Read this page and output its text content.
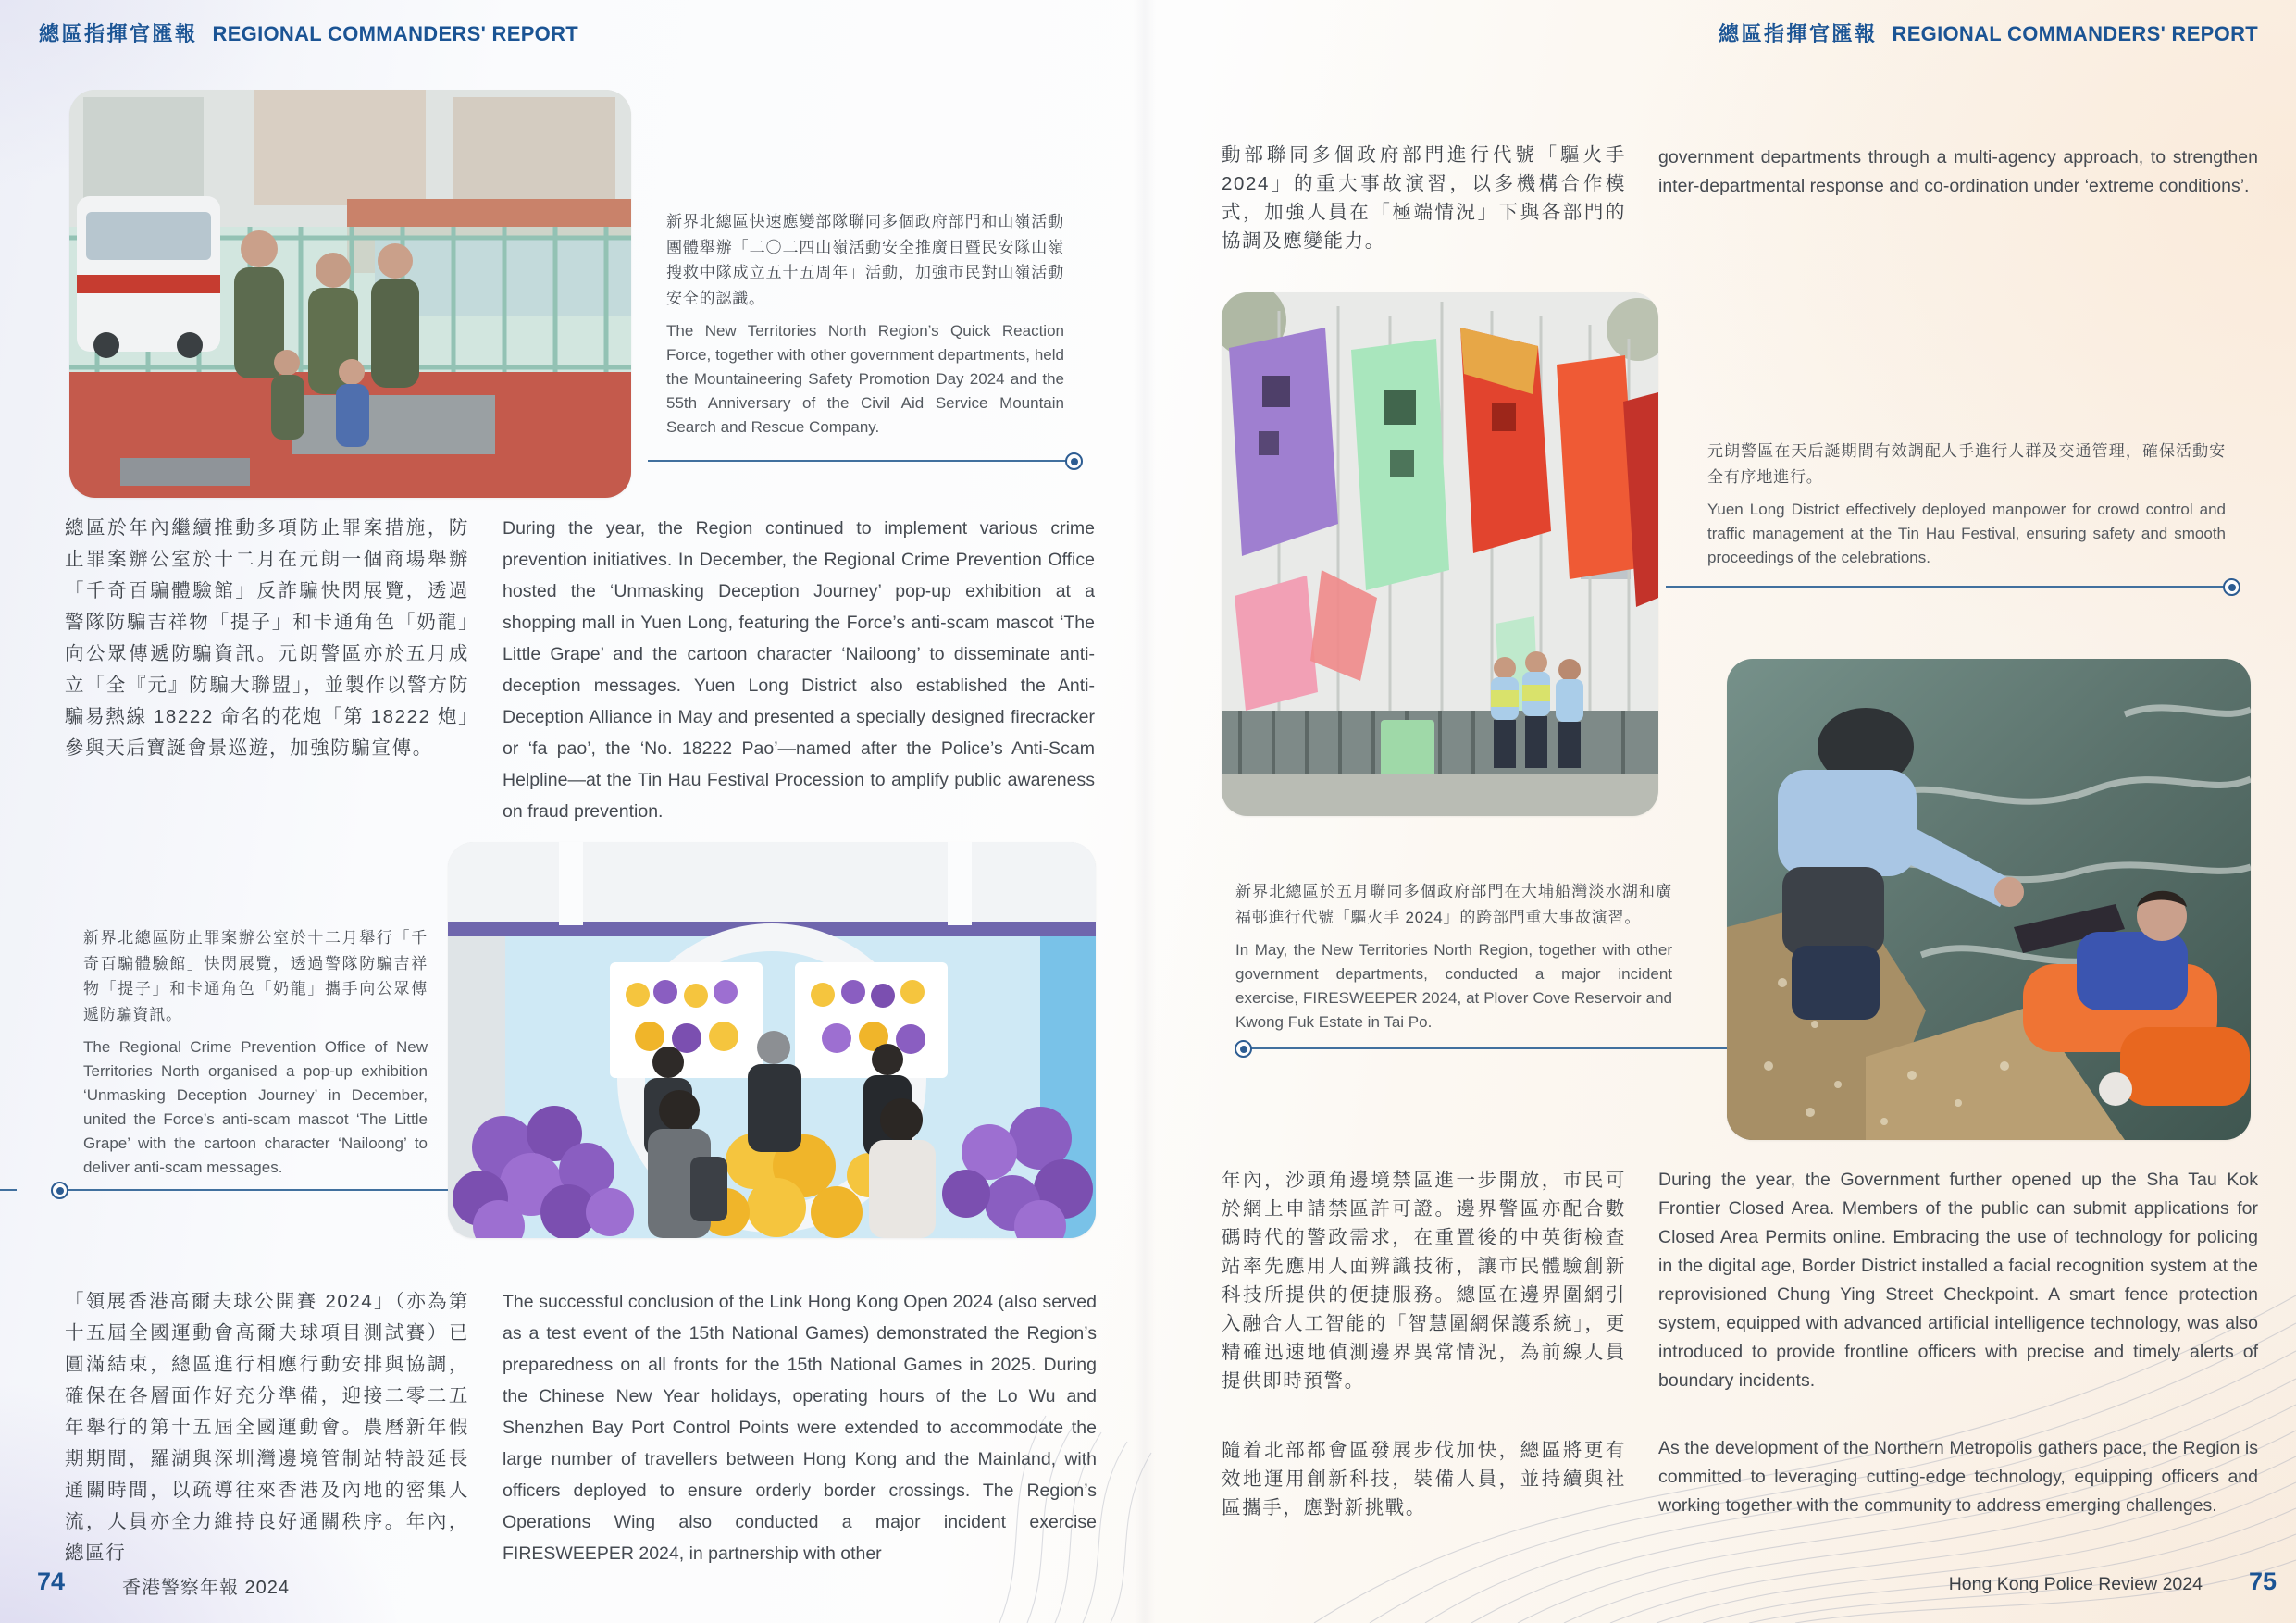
總區指揮官匯報 REGIONAL COMMANDERS' REPORT	總區指揮官匯報 REGIONAL COMMANDERS' REPORT
新界北總區快速應變部隊聯同多個政府部門和山嶺活動團體舉辦「二〇二四山嶺活動安全推廣日暨民安隊山嶺搜救中隊成立五十五周年」活動，加強市民對山嶺活動安全的認識。
The New Territories North Region’s Quick Reaction Force, together with other government departments, held the Mountaineering Safety Promotion Day 2024 and the 55th Anniversary of the Civil Aid Service Mountain Search and Rescue Company.
總區於年內繼續推動多項防止罪案措施，防止罪案辦公室於十二月在元朗一個商場舉辦「千奇百騙體驗館」反詐騙快閃展覽，透過警隊防騙吉祥物「提子」和卡通角色「奶龍」向公眾傳遞防騙資訊。元朗警區亦於五月成立「全『元』防騙大聯盟」，並製作以警方防騙易熱線 18222 命名的花炮「第 18222 炮」參與天后寶誕會景巡遊，加強防騙宣傳。
During the year, the Region continued to implement various crime prevention initiatives. In December, the Regional Crime Prevention Office hosted the ‘Unmasking Deception Journey’ pop-up exhibition at a shopping mall in Yuen Long, featuring the Force’s anti-scam mascot ‘The Little Grape’ and the cartoon character ‘Nailoong’ to disseminate anti-deception messages. Yuen Long District also established the Anti-Deception Alliance in May and presented a specially designed firecracker or ‘fa pao’, the ‘No. 18222 Pao’—named after the Police’s Anti-Scam Helpline—at the Tin Hau Festival Procession to amplify public awareness on fraud prevention.
新界北總區防止罪案辦公室於十二月舉行「千奇百騙體驗館」快閃展覽，透過警隊防騙吉祥物「提子」和卡通角色「奶龍」攜手向公眾傳遞防騙資訊。
The Regional Crime Prevention Office of New Territories North organised a pop-up exhibition ‘Unmasking Deception Journey’ in December, united the Force’s anti-scam mascot ‘The Little Grape’ with the cartoon character ‘Nailoong’ to deliver anti-scam messages.
「領展香港高爾夫球公開賽 2024」（亦為第十五屆全國運動會高爾夫球項目測試賽）已圓滿結束，總區進行相應行動安排與協調，確保在各層面作好充分準備，迎接二零二五年舉行的第十五屆全國運動會。農曆新年假期期間，羅湖與深圳灣邊境管制站特設延長通關時間，以疏導往來香港及內地的密集人流，人員亦全力維持良好通關秩序。年內，總區行
The successful conclusion of the Link Hong Kong Open 2024 (also served as a test event of the 15th National Games) demonstrated the Region’s preparedness on all fronts for the 15th National Games in 2025. During the Chinese New Year holidays, operating hours of the Lo Wu and Shenzhen Bay Port Control Points were extended to accommodate the large number of travellers between Hong Kong and the Mainland, with officers deployed to ensure orderly border crossings. The Region’s Operations Wing also conducted a major incident exercise FIRESWEEPER 2024, in partnership with other
74	香港警察年報 2024
動部聯同多個政府部門進行代號「驅火手 2024」的重大事故演習，以多機構合作模式，加強人員在「極端情況」下與各部門的協調及應變能力。
government departments through a multi-agency approach, to strengthen inter-departmental response and co-ordination under ‘extreme conditions’.
元朗警區在天后誕期間有效調配人手進行人群及交通管理，確保活動安全有序地進行。
Yuen Long District effectively deployed manpower for crowd control and traffic management at the Tin Hau Festival, ensuring safety and smooth proceedings of the celebrations.
新界北總區於五月聯同多個政府部門在大埔船灣淡水湖和廣福邨進行代號「驅火手 2024」的跨部門重大事故演習。
In May, the New Territories North Region, together with other government departments, conducted a major incident exercise, FIRESWEEPER 2024, at Plover Cove Reservoir and Kwong Fuk Estate in Tai Po.
年內，沙頭角邊境禁區進一步開放，市民可於網上申請禁區許可證。邊界警區亦配合數碼時代的警政需求，在重置後的中英街檢查站率先應用人面辨識技術，讓市民體驗創新科技所提供的便捷服務。總區在邊界圍網引入融合人工智能的「智慧圍網保護系統」，更精確迅速地偵測邊界異常情況，為前線人員提供即時預警。
隨着北部都會區發展步伐加快，總區將更有效地運用創新科技，裝備人員，並持續與社區攜手，應對新挑戰。
During the year, the Government further opened up the Sha Tau Kok Frontier Closed Area. Members of the public can submit applications for Closed Area Permits online. Embracing the use of technology for policing in the digital age, Border District installed a facial recognition system at the reprovisioned Chung Ying Street Checkpoint. A smart fence protection system, equipped with advanced artificial intelligence technology, was also introduced to provide frontline officers with precise and timely alerts of boundary incidents.
As the development of the Northern Metropolis gathers pace, the Region is committed to leveraging cutting-edge technology, equipping officers and working together with the community to address emerging challenges.
Hong Kong Police Review 2024 75
